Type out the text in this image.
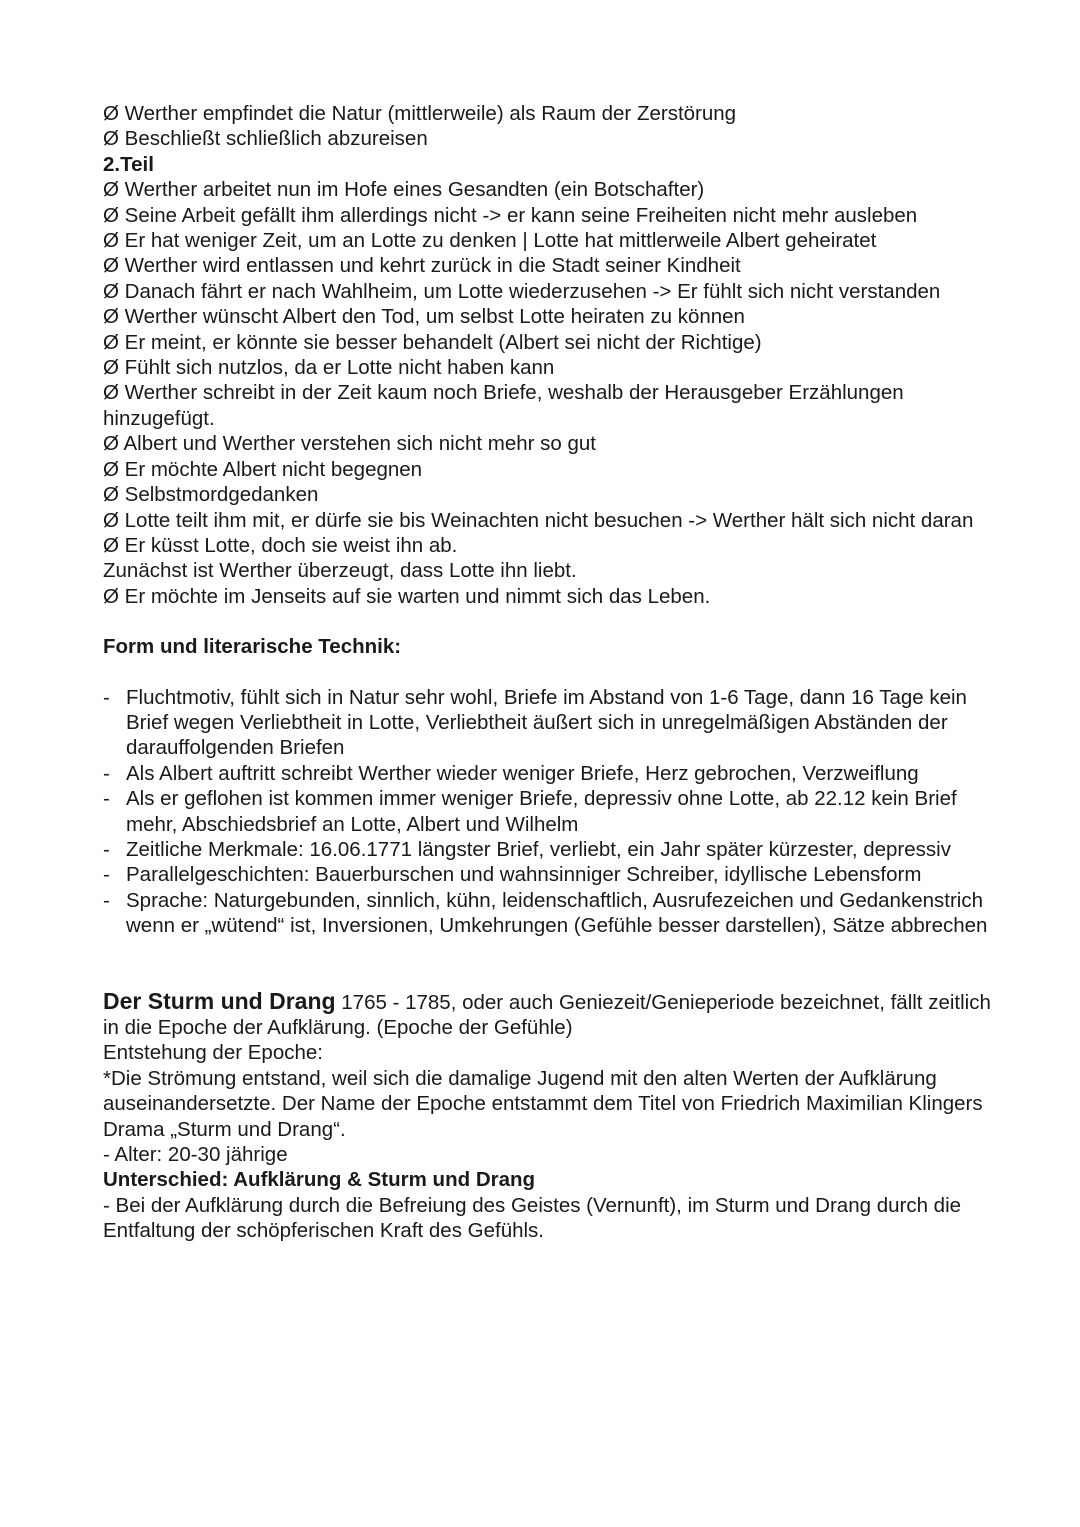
Ø Werther empfindet die Natur (mittlerweile) als Raum der Zerstörung
Ø Beschließt schließlich abzureisen
2.Teil
Ø Werther arbeitet nun im Hofe eines Gesandten (ein Botschafter)
Ø Seine Arbeit gefällt ihm allerdings nicht -> er kann seine Freiheiten nicht mehr ausleben
Ø Er hat weniger Zeit, um an Lotte zu denken | Lotte hat mittlerweile Albert geheiratet
Ø Werther wird entlassen und kehrt zurück in die Stadt seiner Kindheit
Ø Danach fährt er nach Wahlheim, um Lotte wiederzusehen -> Er fühlt sich nicht verstanden
Ø Werther wünscht Albert den Tod, um selbst Lotte heiraten zu können
Ø Er meint, er könnte sie besser behandelt (Albert sei nicht der Richtige)
Ø Fühlt sich nutzlos, da er Lotte nicht haben kann
Ø Werther schreibt in der Zeit kaum noch Briefe, weshalb der Herausgeber Erzählungen hinzugefügt.
Ø Albert und Werther verstehen sich nicht mehr so gut
Ø Er möchte Albert nicht begegnen
Ø Selbstmordgedanken
Ø Lotte teilt ihm mit, er dürfe sie bis Weinachten nicht besuchen -> Werther hält sich nicht daran
Ø Er küsst Lotte, doch sie weist ihn ab.
Zunächst ist Werther überzeugt, dass Lotte ihn liebt.
Ø Er möchte im Jenseits auf sie warten und nimmt sich das Leben.
Form und literarische Technik:
- Fluchtmotiv, fühlt sich in Natur sehr wohl, Briefe im Abstand von 1-6 Tage, dann 16 Tage kein Brief wegen Verliebtheit in Lotte, Verliebtheit äußert sich in unregelmäßigen Abständen der darauffolgenden Briefen
- Als Albert auftritt schreibt Werther wieder weniger Briefe, Herz gebrochen, Verzweiflung
- Als er geflohen ist kommen immer weniger Briefe, depressiv ohne Lotte, ab 22.12 kein Brief mehr, Abschiedsbrief an Lotte, Albert und Wilhelm
- Zeitliche Merkmale: 16.06.1771 längster Brief, verliebt, ein Jahr später kürzester, depressiv
- Parallelgeschichten: Bauerburschen und wahnsinniger Schreiber, idyllische Lebensform
- Sprache: Naturgebunden, sinnlich, kühn, leidenschaftlich, Ausrufezeichen und Gedankenstrich wenn er „wütend“ ist, Inversionen, Umkehrungen (Gefühle besser darstellen), Sätze abbrechen
Der Sturm und Drang 1765 - 1785, oder auch Geniezeit/Genieperiode bezeichnet, fällt zeitlich in die Epoche der Aufklärung. (Epoche der Gefühle)
Entstehung der Epoche:
*Die Strömung entstand, weil sich die damalige Jugend mit den alten Werten der Aufklärung auseinandersetzte. Der Name der Epoche entstammt dem Titel von Friedrich Maximilian Klingers Drama „Sturm und Drang“.
- Alter: 20-30 jährige
Unterschied: Aufklärung & Sturm und Drang
- Bei der Aufklärung durch die Befreiung des Geistes (Vernunft), im Sturm und Drang durch die Entfaltung der schöpferischen Kraft des Gefühls.
